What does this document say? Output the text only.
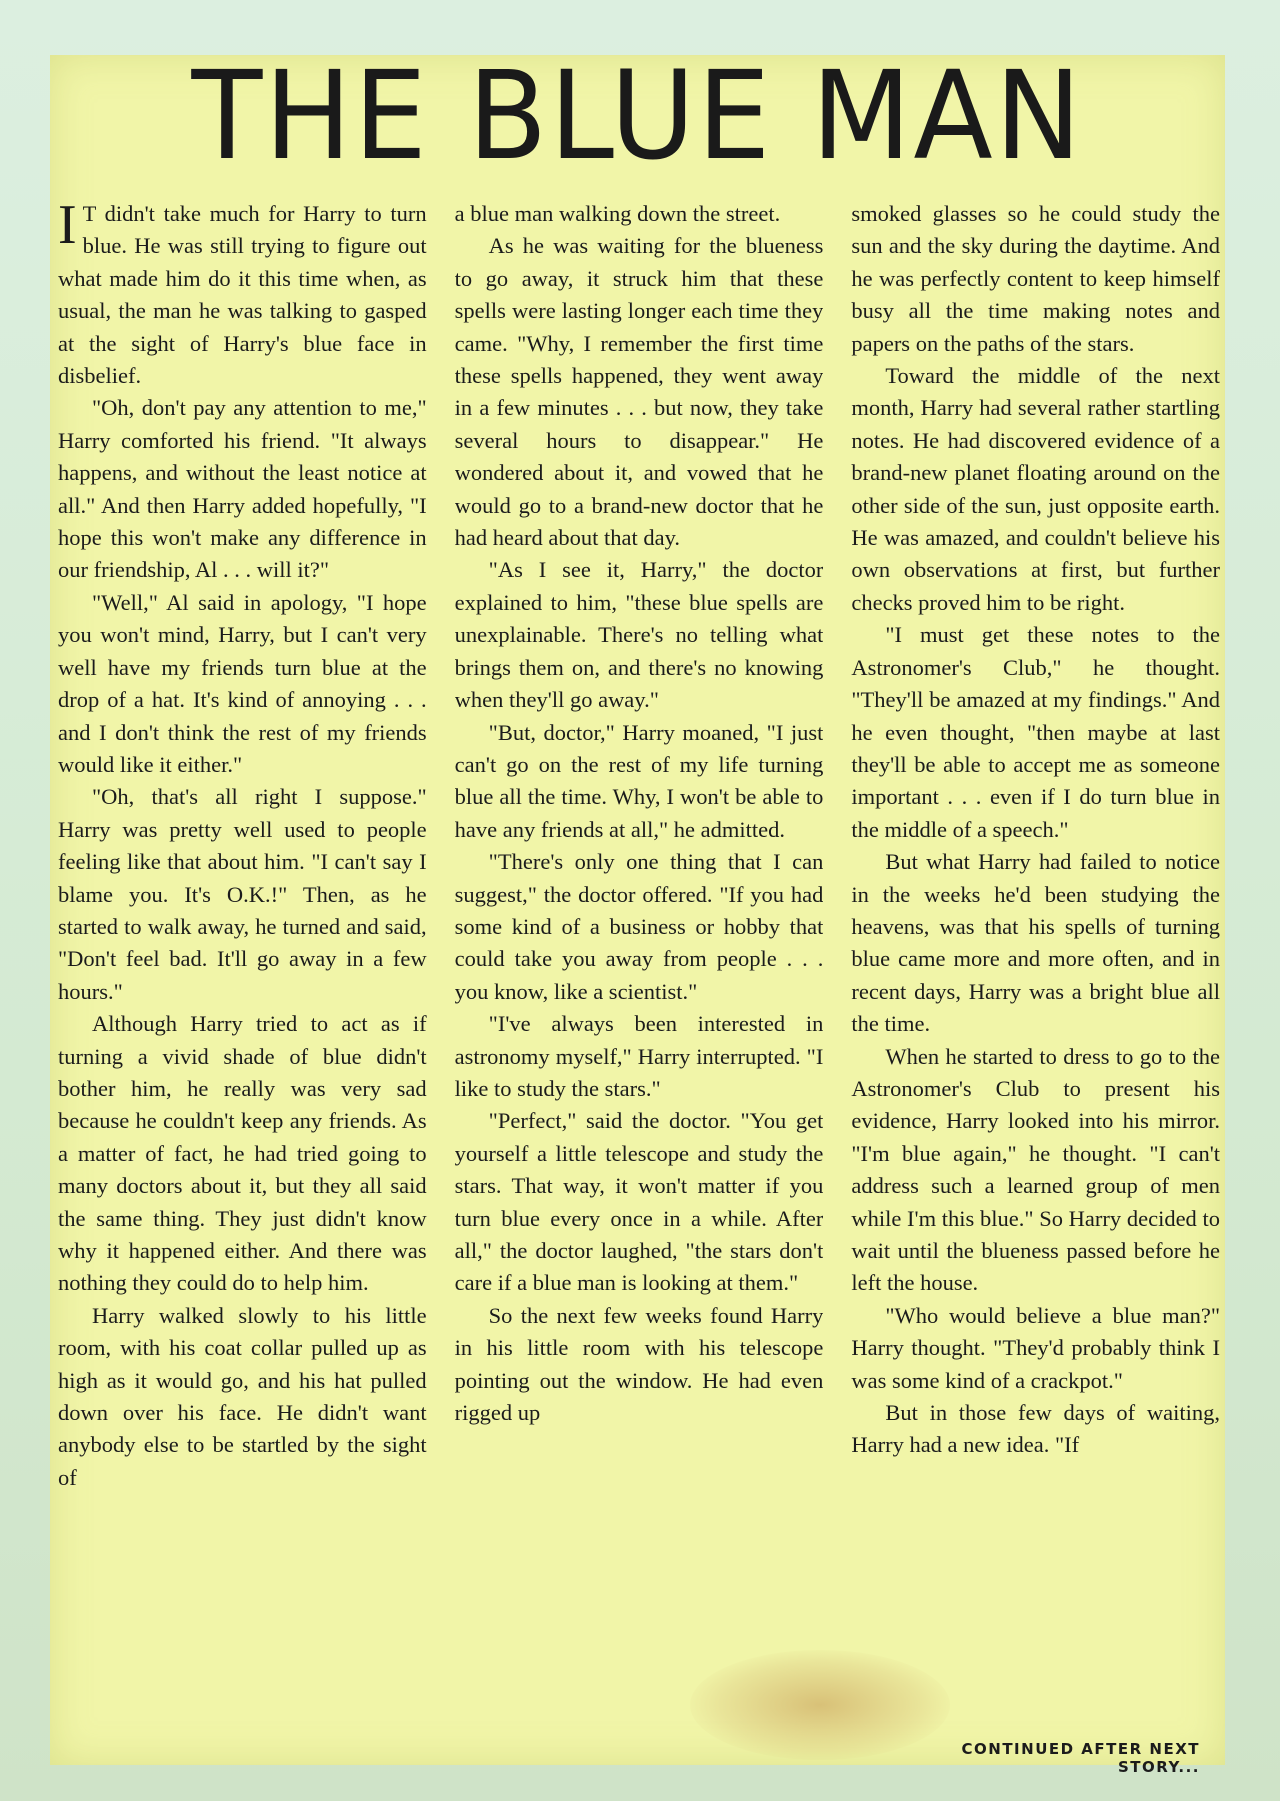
THE BLUE MAN

I T didn't take much for Harry to turn blue. He was still trying to figure out what made him do it this time when, as usual, the man he was talking to gasped at the sight of Harry's blue face in disbelief.

"Oh, don't pay any attention to me," Harry comforted his friend. "It always happens, and without the least notice at all." And then Harry added hopefully, "I hope this won't make any difference in our friendship, Al . . . will it?"

"Well," Al said in apology, "I hope you won't mind, Harry, but I can't very well have my friends turn blue at the drop of a hat. It's kind of annoying . . . and I don't think the rest of my friends would like it either."

"Oh, that's all right I suppose." Harry was pretty well used to people feeling like that about him. "I can't say I blame you. It's O.K.!" Then, as he started to walk away, he turned and said, "Don't feel bad. It'll go away in a few hours."

Although Harry tried to act as if turning a vivid shade of blue didn't bother him, he really was very sad because he couldn't keep any friends. As a matter of fact, he had tried going to many doctors about it, but they all said the same thing. They just didn't know why it happened either. And there was nothing they could do to help him.

Harry walked slowly to his little room, with his coat collar pulled up as high as it would go, and his hat pulled down over his face. He didn't want anybody else to be startled by the sight of

a blue man walking down the street.

As he was waiting for the blueness to go away, it struck him that these spells were lasting longer each time they came. "Why, I remember the first time these spells happened, they went away in a few minutes . . . but now, they take several hours to disappear." He wondered about it, and vowed that he would go to a brand-new doctor that he had heard about that day.

"As I see it, Harry," the doctor explained to him, "these blue spells are unexplainable. There's no telling what brings them on, and there's no knowing when they'll go away."

"But, doctor," Harry moaned, "I just can't go on the rest of my life turning blue all the time. Why, I won't be able to have any friends at all," he admitted.

"There's only one thing that I can suggest," the doctor offered. "If you had some kind of a business or hobby that could take you away from people . . . you know, like a scientist."

"I've always been interested in astronomy myself," Harry interrupted. "I like to study the stars."

"Perfect," said the doctor. "You get yourself a little telescope and study the stars. That way, it won't matter if you turn blue every once in a while. After all," the doctor laughed, "the stars don't care if a blue man is looking at them."

So the next few weeks found Harry in his little room with his telescope pointing out the window. He had even rigged up

smoked glasses so he could study the sun and the sky during the daytime. And he was perfectly content to keep himself busy all the time making notes and papers on the paths of the stars.

Toward the middle of the next month, Harry had several rather startling notes. He had discovered evidence of a brand-new planet floating around on the other side of the sun, just opposite earth. He was amazed, and couldn't believe his own observations at first, but further checks proved him to be right.

"I must get these notes to the Astronomer's Club," he thought. "They'll be amazed at my findings." And he even thought, "then maybe at last they'll be able to accept me as someone important . . . even if I do turn blue in the middle of a speech."

But what Harry had failed to notice in the weeks he'd been studying the heavens, was that his spells of turning blue came more and more often, and in recent days, Harry was a bright blue all the time.

When he started to dress to go to the Astronomer's Club to present his evidence, Harry looked into his mirror. "I'm blue again," he thought. "I can't address such a learned group of men while I'm this blue." So Harry decided to wait until the blueness passed before he left the house.

"Who would believe a blue man?" Harry thought. "They'd probably think I was some kind of a crackpot."

But in those few days of waiting, Harry had a new idea. "If

CONTINUED AFTER NEXT STORY...
